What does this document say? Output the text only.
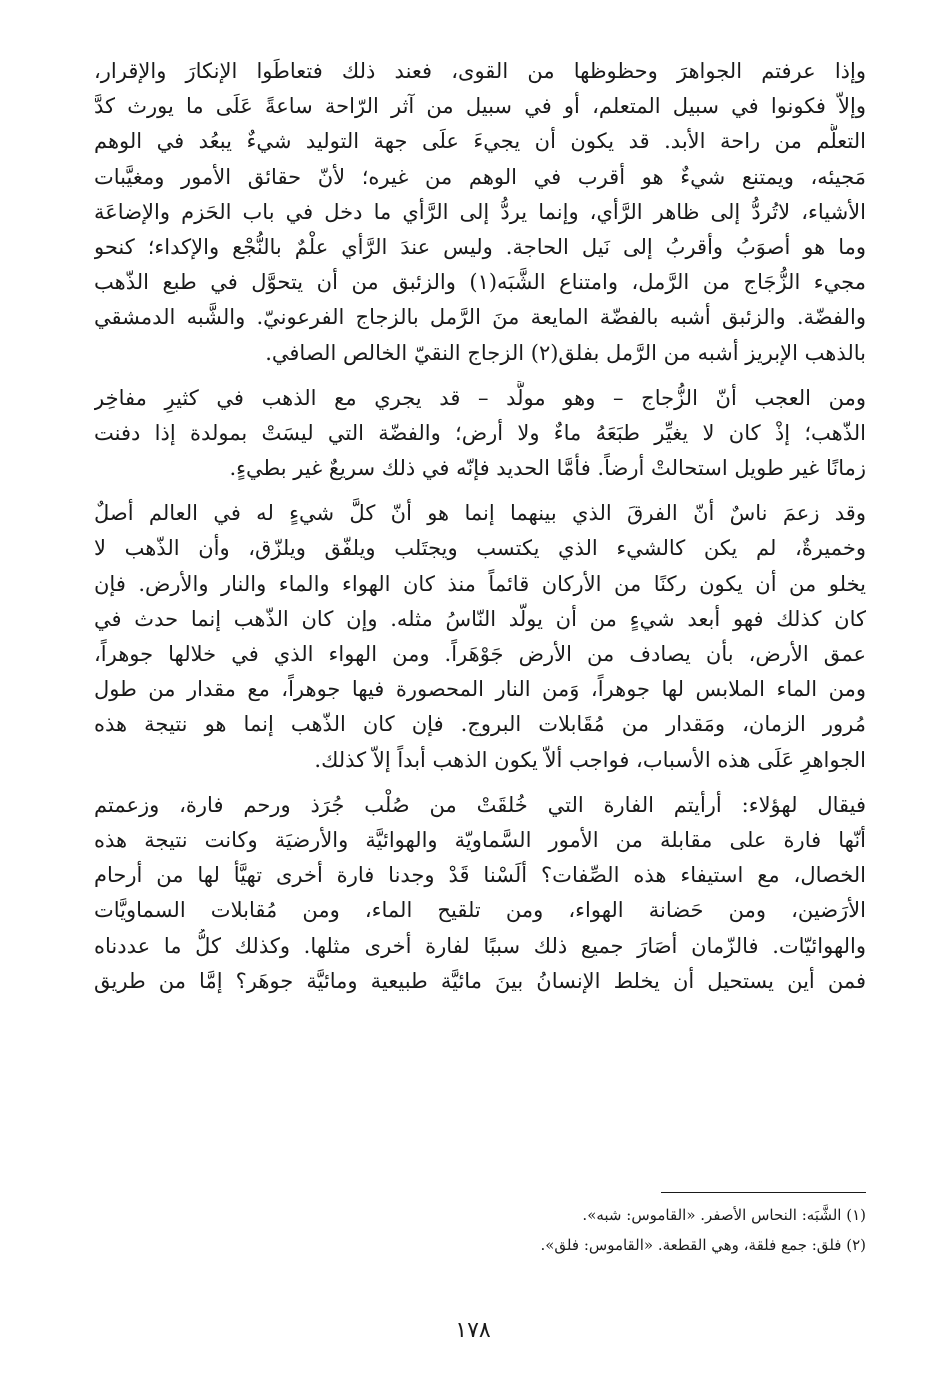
وإذا عرفتم الجواهرَ وحظوظها من القوى، فعند ذلك فتعاطَوا الإنكارَ والإقرار،
وإلاّ فكونوا في سبيل المتعلم، أو في سبيل من آثر الرّاحة ساعةً عَلَى ما يورث كدَّ
التعلُّم من راحة الأبد. قد يكون أن يجيءَ علَى جهة التوليد شيءٌ يبعُد في الوهم
مَجيئه، ويمتنع شيءٌ هو أقرب في الوهم من غيره؛ لأنّ حقائق الأمور ومغيَّبات
الأشياء، لاتُردُّ إلى ظاهر الرَّأي، وإنما يردُّ إلى الرَّأي ما دخل في باب الحَزم والإضاعَة
وما هو أصوَبُ وأقربُ إلى نَيل الحاجة. وليس عندَ الرَّأي علْمٌ بالنُّجْع والإكداء؛ كنحو
مجيء الزُّجَاج من الرَّمل، وامتناع الشَّبَه(١) والزئبق من أن يتحوَّل في طبع الذّهب
والفضّة. والزئبق أشبه بالفضّة المايعة منَ الرَّمل بالزجاج الفرعونيّ. والشَّبه الدمشقي
بالذهب الإبريز أشبه من الرَّمل بفلق(٢) الزجاج النقيّ الخالص الصافي.
ومن العجب أنّ الزُّجاج – وهو مولَّد – قد يجري مع الذهب في كثيرِ مفاخِر
الذّهب؛ إذْ كان لا يغيِّر طبَعَهُ ماءٌ ولا أرض؛ والفضّة التي ليسَتْ بمولدة إذا دفنت
زمانًا غير طويل استحالتْ أرضاً. فأمَّا الحديد فإنّه في ذلك سريعٌ غير بطيءٍ.
وقد زعمَ ناسٌ أنّ الفرقَ الذي بينهما إنما هو أنّ كلَّ شيءٍ له في العالم أصلٌ
وخميرةٌ، لم يكن كالشيء الذي يكتسب ويجتَلب ويلفّق ويلزّق، وأن الذّهب لا
يخلو من أن يكون ركنًا من الأركان قائماً منذ كان الهواء والماء والنار والأرض. فإن
كان كذلك فهو أبعد شيءٍ من أن يولّد النّاسُ مثله. وإن كان الذّهب إنما حدث في
عمق الأرض، بأن يصادف من الأرض جَوْهَراً. ومن الهواء الذي في خلالها جوهراً،
ومن الماء الملابس لها جوهراً، وَمن النار المحصورة فيها جوهراً، مع مقدار من طول
مُرور الزمان، ومَقدار من مُقَابلات البروج. فإن كان الذّهب إنما هو نتيجة هذه
الجواهرِ عَلَى هذه الأسباب، فواجب ألاّ يكون الذهب أبداً إلاّ كذلك.
فيقال لهؤلاء: أرأيتم الفارة التي خُلقَتْ من صُلْب جُرَذ ورحم فارة، وزعمتم
أنّها فارة على مقابلة من الأمور السَّماويّة والهوائيَّة والأرضيَة وكانت نتيجة هذه
الخصال، مع استيفاء هذه الصِّفات؟ ألَسْنا قَدْ وجدنا فارة أخرى تهيَّأ لها من أرحام
الأرَضين، ومن حَضانة الهواء، ومن تلقيح الماء، ومن مُقابلات السماويَّات
والهوائيّات. فالزّمان أصَارَ جميع ذلك سببًا لفارة أخرى مثلها. وكذلك كلُّ ما عددناه
فمن أين يستحيل أن يخلط الإنسانُ بينَ مائيَّة طبيعية ومائيَّة جوهَر؟ إمَّا من طريق
(١) الشَّبَه: النحاس الأصفر. «القاموس: شبه».
(٢) فلق: جمع فلقة، وهي القطعة. «القاموس: فلق».
١٧٨
